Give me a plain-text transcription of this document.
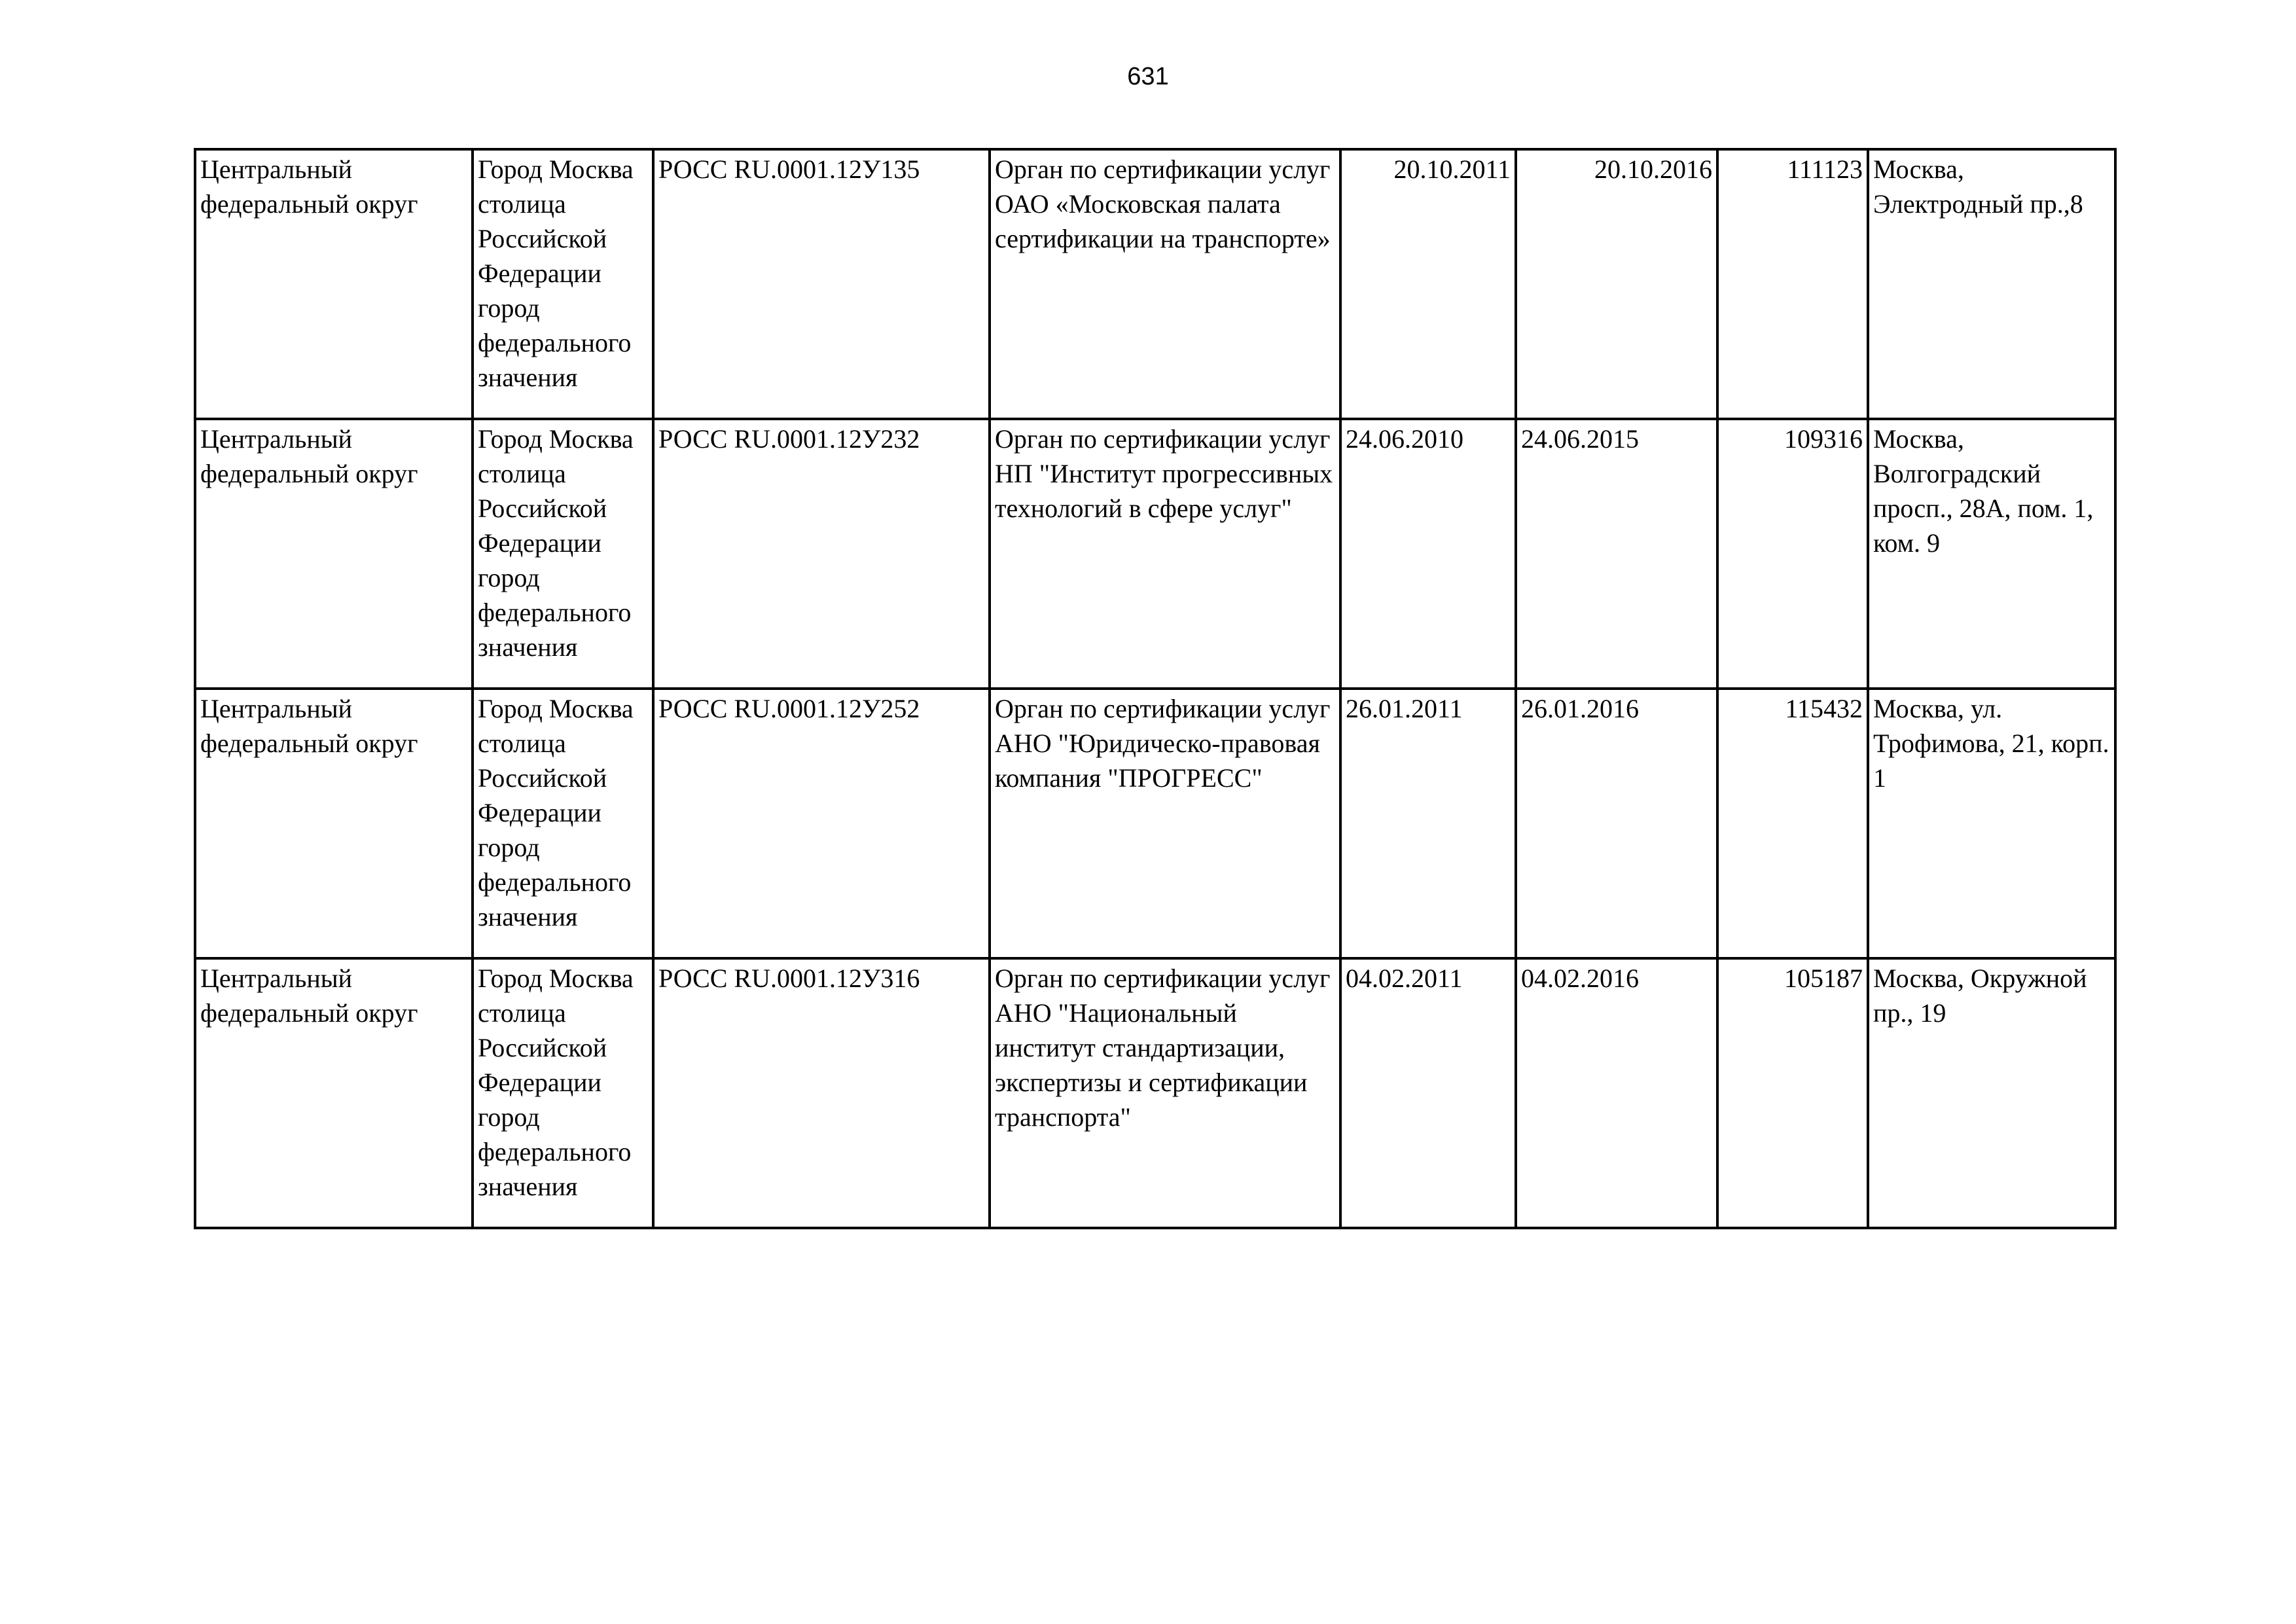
631
Центральный федеральный округ	Город Москва столица Российской Федерации город федерального значения	РОСС RU.0001.12У135	Орган по сертификации услуг ОАО «Московская палата сертификации на транспорте»	20.10.2011	20.10.2016	111123	Москва, Электродный пр.,8
Центральный федеральный округ	Город Москва столица Российской Федерации город федерального значения	РОСС RU.0001.12У232	Орган по сертификации услуг НП "Институт прогрессивных технологий в сфере услуг"	24.06.2010	24.06.2015	109316	Москва, Волгоградский просп., 28А, пом. 1, ком. 9
Центральный федеральный округ	Город Москва столица Российской Федерации город федерального значения	РОСС RU.0001.12У252	Орган по сертификации услуг АНО "Юридическо-правовая компания "ПРОГРЕСС"	26.01.2011	26.01.2016	115432	Москва, ул. Трофимова, 21, корп. 1
Центральный федеральный округ	Город Москва столица Российской Федерации город федерального значения	РОСС RU.0001.12У316	Орган по сертификации услуг АНО "Национальный институт стандартизации, экспертизы и сертификации транспорта"	04.02.2011	04.02.2016	105187	Москва, Окружной пр., 19
